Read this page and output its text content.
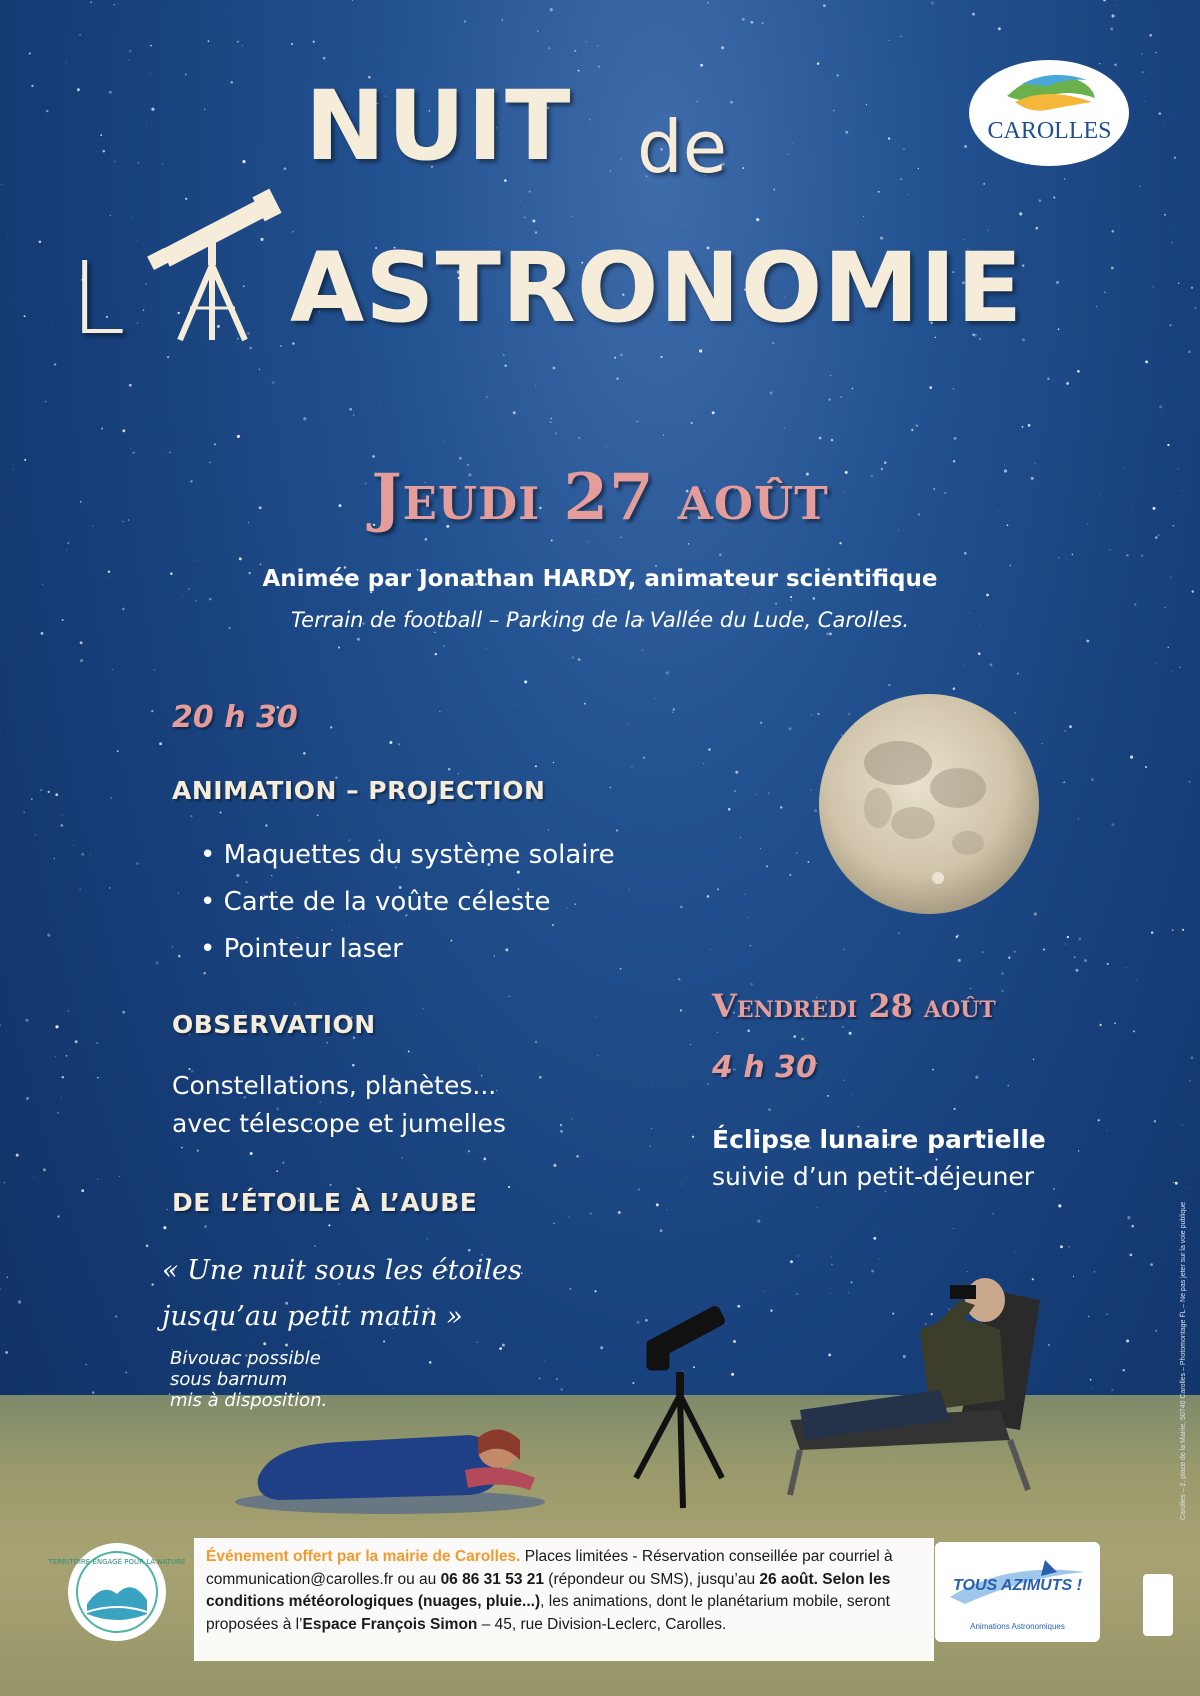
NUIT de
L ASTRONOMIE
CAROLLES
Jeudi 27 août
Animée par Jonathan HARDY, animateur scientifique
Terrain de football – Parking de la Vallée du Lude, Carolles.
20 h 30
ANIMATION – PROJECTION
• Maquettes du système solaire
• Carte de la voûte céleste
• Pointeur laser
OBSERVATION
Constellations, planètes...
avec télescope et jumelles
DE L’ÉTOILE À L’AUBE
« Une nuit sous les étoiles
jusqu’au petit matin »
Bivouac possible
sous barnum
mis à disposition.
Vendredi 28 août
4 h 30
Éclipse lunaire partielle
suivie d’un petit-déjeuner
TERRITOIRE ENGAGÉ POUR LA NATURE	Événement offert par la mairie de Carolles. Places limitées - Réservation conseillée par courriel à communication@carolles.fr ou au 06 86 31 53 21 (répondeur ou SMS), jusqu’au 26 août. Selon les conditions météorologiques (nuages, pluie...), les animations, dont le planétarium mobile, seront proposées à l’Espace François Simon – 45, rue Division-Leclerc, Carolles.
TOUS AZIMUTS !
Animations Astronomiques
Carolles – 2, place de la Mairie, 50740 Carolles – Photomontage FL – Ne pas jeter sur la voie publique
